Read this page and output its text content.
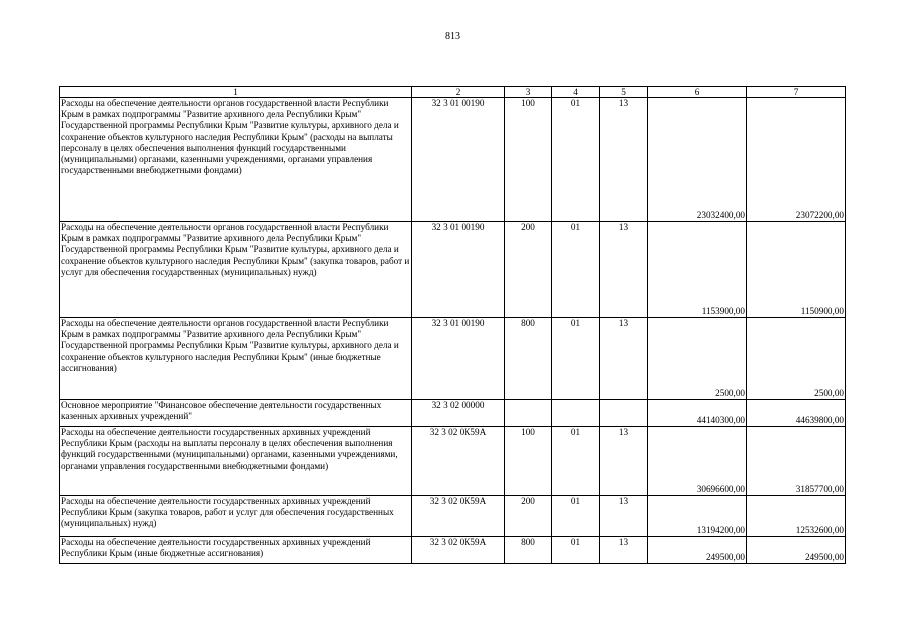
813
1	2	3	4	5	6	7
Расходы на обеспечение деятельности органов государственной власти Республики Крым в рамках подпрограммы "Развитие архивного дела Республики Крым" Государственной программы Республики Крым "Развитие культуры, архивного дела и сохранение объектов культурного наследия Республики Крым" (расходы на выплаты персоналу в целях обеспечения выполнения функций государственными (муниципальными) органами, казенными учреждениями, органами управления государственными внебюджетными фондами)	32 3 01 00190	100	01	13	23032400,00	23072200,00
Расходы на обеспечение деятельности органов государственной власти Республики Крым в рамках подпрограммы "Развитие архивного дела Республики Крым" Государственной программы Республики Крым "Развитие культуры, архивного дела и сохранение объектов культурного наследия Республики Крым" (закупка товаров, работ и услуг для обеспечения государственных (муниципальных) нужд)	32 3 01 00190	200	01	13	1153900,00	1150900,00
Расходы на обеспечение деятельности органов государственной власти Республики Крым в рамках подпрограммы "Развитие архивного дела Республики Крым" Государственной программы Республики Крым "Развитие культуры, архивного дела и сохранение объектов культурного наследия Республики Крым" (иные бюджетные ассигнования)	32 3 01 00190	800	01	13	2500,00	2500,00
Основное мероприятие "Финансовое обеспечение деятельности государственных казенных архивных учреждений"	32 3 02 00000				44140300,00	44639800,00
Расходы на обеспечение деятельности государственных архивных учреждений Республики Крым (расходы на выплаты персоналу в целях обеспечения выполнения функций государственными (муниципальными) органами, казенными учреждениями, органами управления государственными внебюджетными фондами)	32 3 02 0К59А	100	01	13	30696600,00	31857700,00
Расходы на обеспечение деятельности государственных архивных учреждений Республики Крым (закупка товаров, работ и услуг для обеспечения государственных (муниципальных) нужд)	32 3 02 0К59А	200	01	13	13194200,00	12532600,00
Расходы на обеспечение деятельности государственных архивных учреждений Республики Крым (иные бюджетные ассигнования)	32 3 02 0К59А	800	01	13	249500,00	249500,00
